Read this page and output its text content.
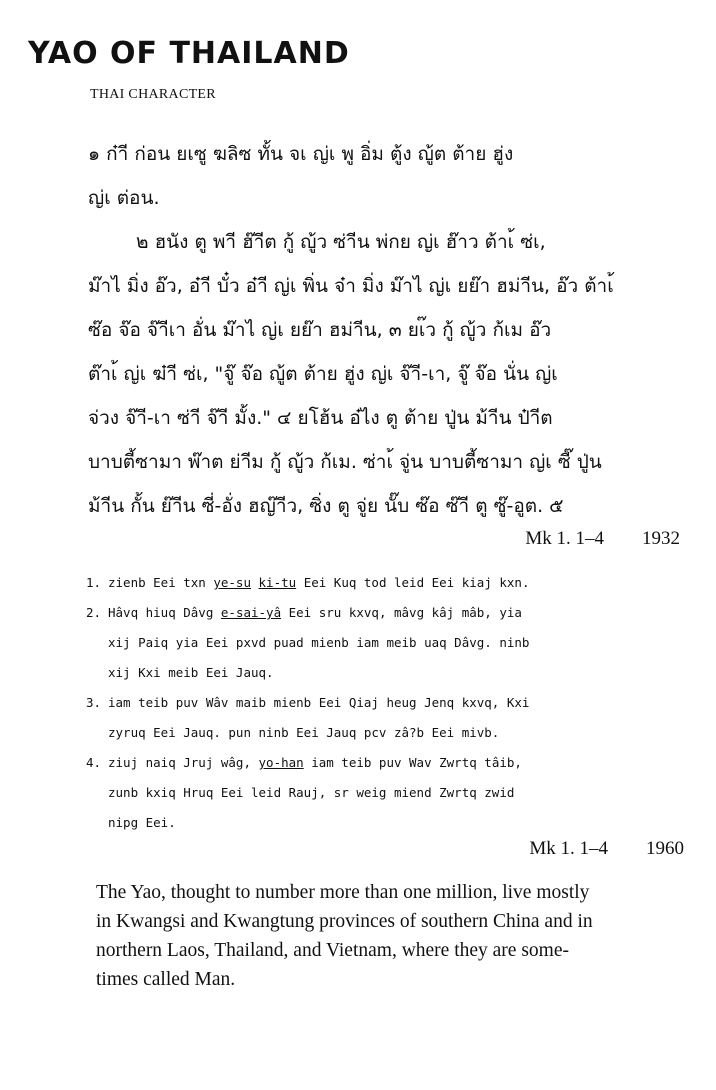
YAO OF THAILAND
THAI CHARACTER
๑ ก๋าี ก่อน ยเซู ฆลิซ ทั้น จเ ญ่เ พู อิ่ม ตู้ง ญู้ต ต้าย ฮู่ง
ญ่เ ต่อน.
๒ ฮนัง ตู พาี ฮ๊าีต กู้ ญู้ว ซ่าีน พ่กย ญ่เ ฮ๊าว ต้าเ้ ซ่เ,
ม๊าไ มิ่ง อ๊ว, อ๋าี บั๋ว อ๋าี ญ่เ พิ่น จ๋า มิ่ง ม๊าไ ญ่เ ยย๊า ฮม่าีน, อ๊ว ต้าเ้
ซ๊อ จ๊อ จ๊าีเา อั่น ม๊าไ ญ่เ ยย๊า ฮม่าีน, ๓ ยเ๊ว กู้ ญู้ว ก้เม อ๊ว
ต๊าเ้ ญ่เ ฆ๋าี ซ่เ, "จู๊ จ๊อ ญู้ต ต้าย ฮู่ง ญ่เ จ๊าี-เา, จู๊ จ๊อ นั่น ญ่เ
จ่วง จ๊าี-เา ซ่าี จ๊าี มั้ง." ๔ ยโฮ้น อ๋ไง ตู ต้าย ปู่น ม้าีน ป๋าีต
บาบตี้ซามา พ๊าต ย่าีม กู้ ญู้ว ก้เม. ซ่าเ้ จู่น บาบตี้ซามา ญ่เ ซี๊ ปู่น
ม้าีน กั้น ย๊าีน ซี่-อั่ง ฮญ๊าีว, ซิ่ง ตู จู่ย นั๊บ ซ๊อ ซ๊าี ตู ซู๊-อูต. ๕
Mk 1. 1–4 1932
1. zienb Eei txn ye-su ki-tu Eei Kuq tod leid Eei kiaj kxn.
2. Hâvq hiuq Dâvg e-sai-yâ Eei sru kxvq, mâvg kâj mâb, yia
xij Paiq yia Eei pxvd puad mienb iam meib uaq Dâvg. ninb
xij Kxi meib Eei Jauq.
3. iam teib puv Wâv maib mienb Eei Qiaj heug Jenq kxvq, Kxi
zyruq Eei Jauq. pun ninb Eei Jauq pcv zâ?b Eei mivb.
4. ziuj naiq Jruj wâg, yo-han iam teib puv Wav Zwrtq tâib,
zunb kxiq Hruq Eei leid Rauj, sr weig miend Zwrtq zwid
nipg Eei.
Mk 1. 1–4 1960
The Yao, thought to number more than one million, live mostly
in Kwangsi and Kwangtung provinces of southern China and in
northern Laos, Thailand, and Vietnam, where they are some-
times called Man.
